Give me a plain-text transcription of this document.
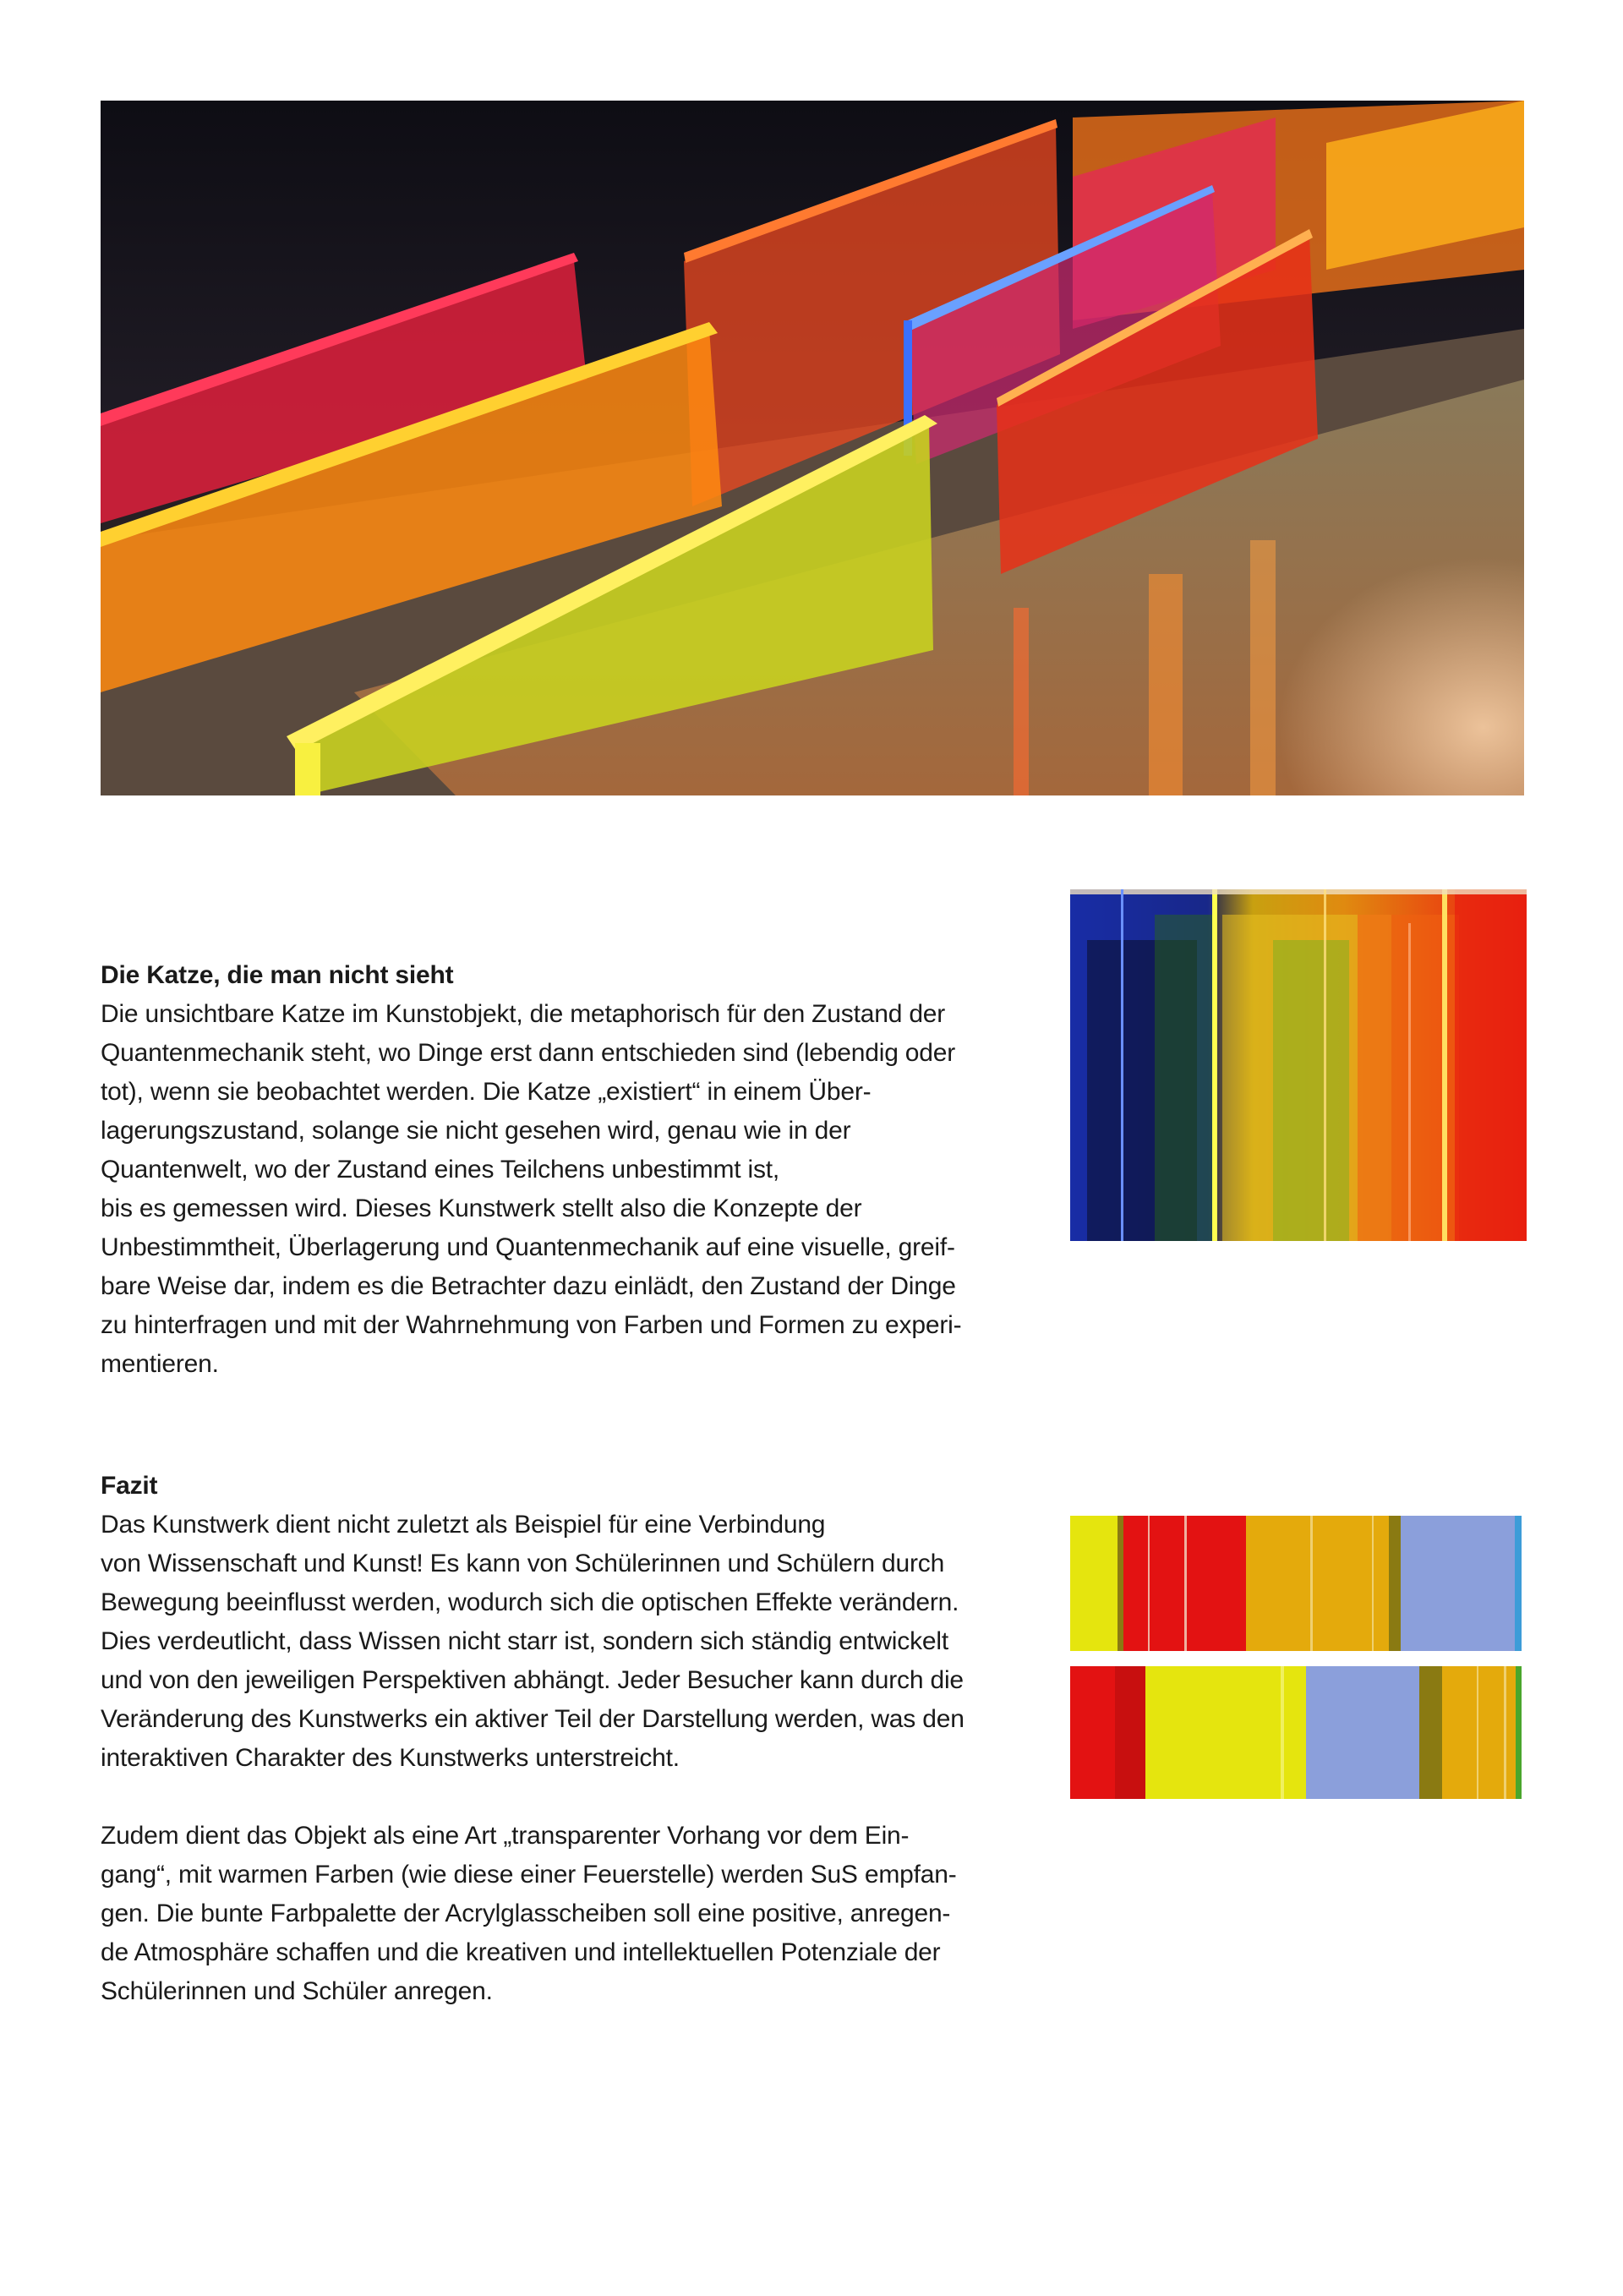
Die Katze, die man nicht sieht

Die unsichtbare Katze im Kunstobjekt, die metaphorisch für den Zustand der
Quantenmechanik steht, wo Dinge erst dann entschieden sind (lebendig oder
tot), wenn sie beobachtet werden. Die Katze „existiert“ in einem Über-
lagerungszustand, solange sie nicht gesehen wird, genau wie in der
Quantenwelt, wo der Zustand eines Teilchens unbestimmt ist,
bis es gemessen wird. Dieses Kunstwerk stellt also die Konzepte der
Unbestimmtheit, Überlagerung und Quantenmechanik auf eine visuelle, greif-
bare Weise dar, indem es die Betrachter dazu einlädt, den Zustand der Dinge
zu hinterfragen und mit der Wahrnehmung von Farben und Formen zu experi-
mentieren.

Fazit

Das Kunstwerk dient nicht zuletzt als Beispiel für eine Verbindung
von Wissenschaft und Kunst! Es kann von Schülerinnen und Schülern durch
Bewegung beeinflusst werden, wodurch sich die optischen Effekte verändern.
Dies verdeutlicht, dass Wissen nicht starr ist, sondern sich ständig entwickelt
und von den jeweiligen Perspektiven abhängt. Jeder Besucher kann durch die
Veränderung des Kunstwerks ein aktiver Teil der Darstellung werden, was den
interaktiven Charakter des Kunstwerks unterstreicht.

Zudem dient das Objekt als eine Art „transparenter Vorhang vor dem Ein-
gang“, mit warmen Farben (wie diese einer Feuerstelle) werden SuS empfan-
gen. Die bunte Farbpalette der Acrylglasscheiben soll eine positive, anregen-
de Atmosphäre schaffen und die kreativen und intellektuellen Potenziale der
Schülerinnen und Schüler anregen.
